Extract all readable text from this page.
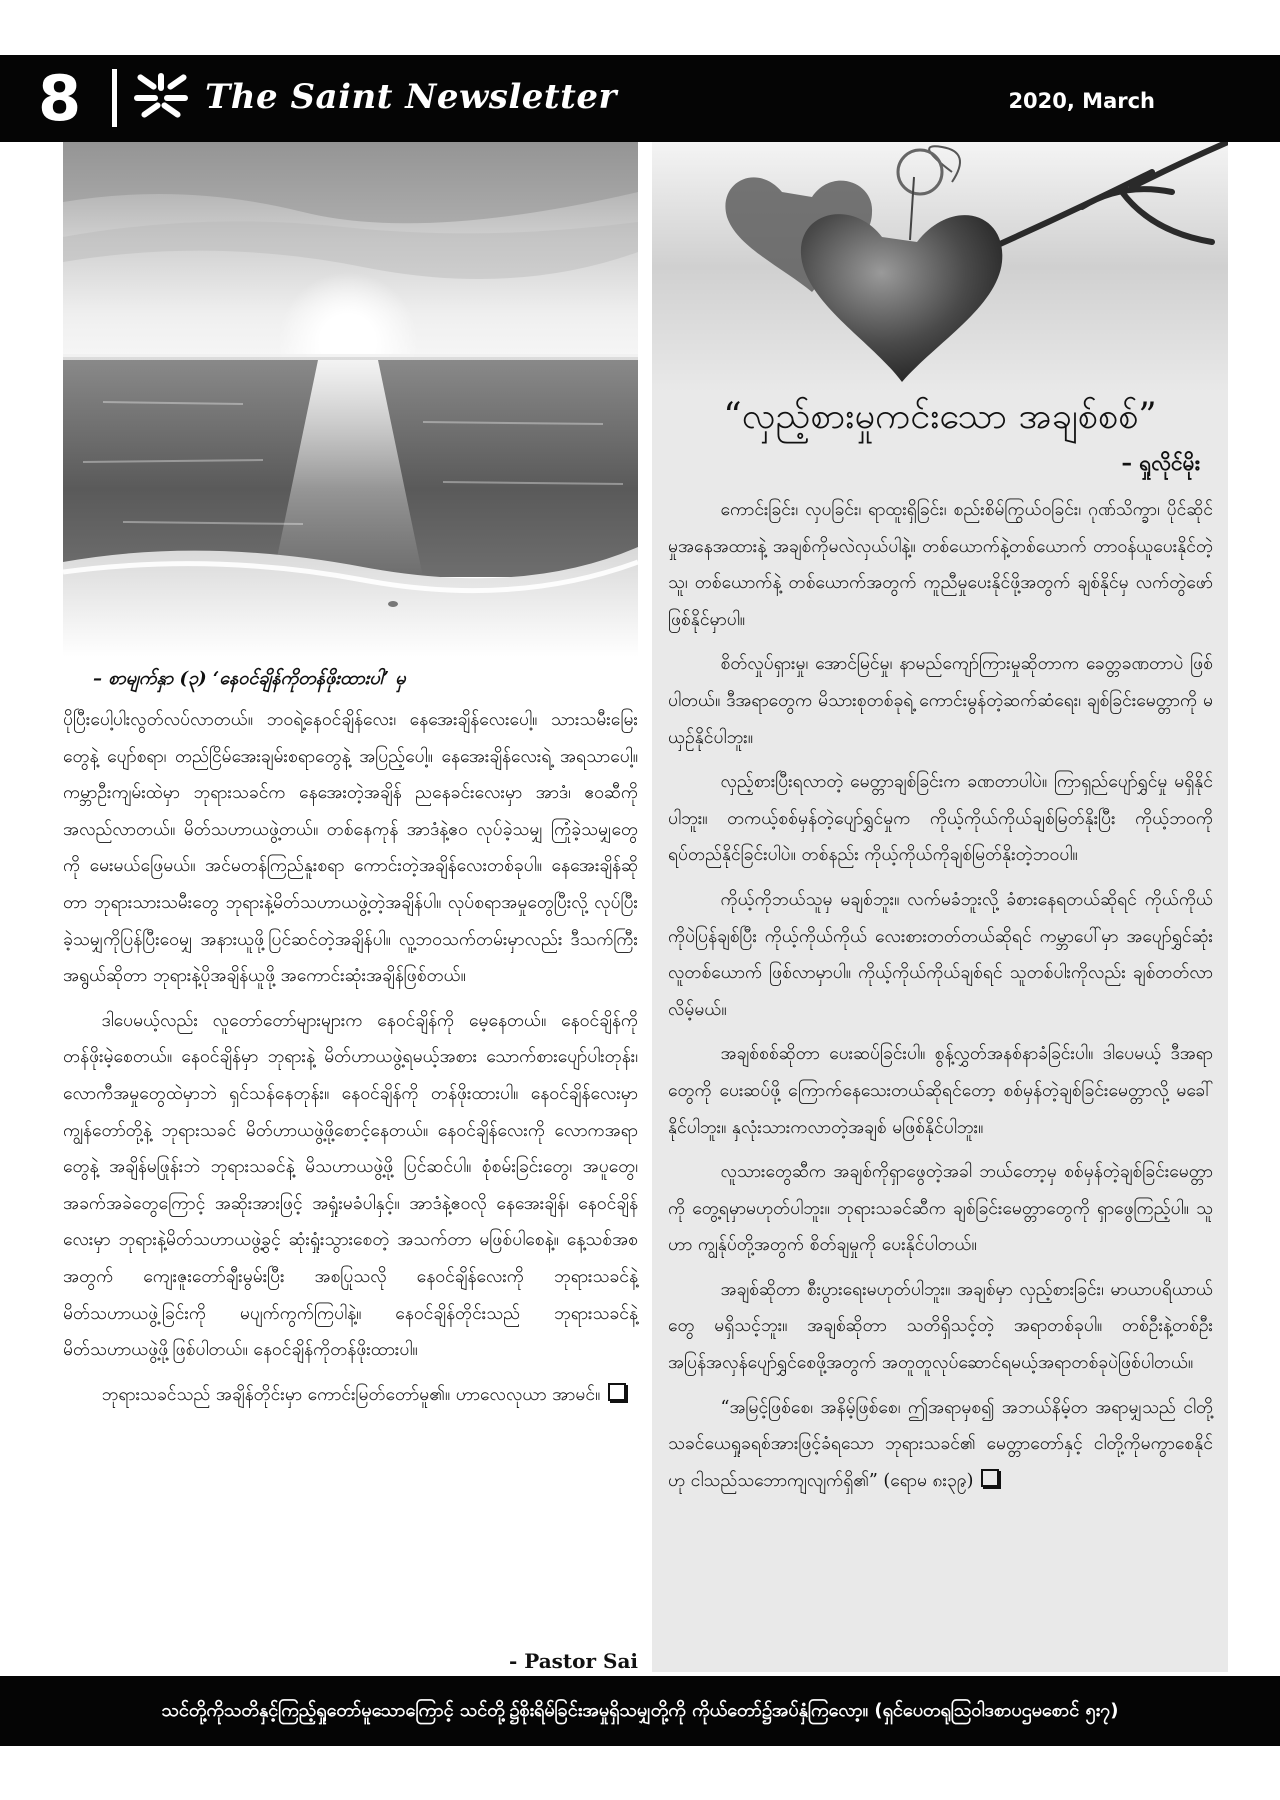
8	The Saint Newsletter	2020, March
– စာမျက်နှာ (၃) ‘နေဝင်ချိန်ကိုတန်ဖိုးထားပါ’ မှ

ပိုပြီးပေါ့ပါးလွတ်လပ်လာတယ်။ ဘဝရဲ့နေဝင်ချိန်လေး၊ နေအေးချိန်လေးပေါ့။ သားသမီးမြေးတွေနဲ့ ပျော်စရာ၊ တည်ငြိမ်အေးချမ်းစရာတွေနဲ့ အပြည့်ပေါ့။ နေအေးချိန်လေးရဲ့ အရသာပေါ့။ ကမ္ဘာဦးကျမ်းထဲမှာ ဘုရားသခင်က နေအေးတဲ့အချိန် ညနေခင်းလေးမှာ အာဒံ၊ ဧဝဆီကို အလည်လာတယ်။ မိတ်သဟာယဖွဲ့တယ်။ တစ်နေကုန် အာဒံနဲ့ဧဝ လုပ်ခဲ့သမျှ ကြုံခဲ့သမျှတွေကို မေးမယ်ဖြေမယ်။ အင်မတန်ကြည်နူးစရာ ကောင်းတဲ့အချိန်လေးတစ်ခုပါ။ နေအေးချိန်ဆိုတာ ဘုရားသားသမီးတွေ ဘုရားနဲ့မိတ်သဟာယဖွဲ့တဲ့အချိန်ပါ။ လုပ်စရာအမှုတွေပြီးလို့ လုပ်ပြီးခဲ့သမျှကိုပြန်ပြီးဝေမျှ အနားယူဖို့ပြင်ဆင်တဲ့အချိန်ပါ။ လူ့ဘဝသက်တမ်းမှာလည်း ဒီသက်ကြီးအရွယ်ဆိုတာ ဘုရားနဲ့ပိုအချိန်ယူဖို့ အကောင်းဆုံးအချိန်ဖြစ်တယ်။

ဒါပေမယ့်လည်း လူတော်တော်များများက နေဝင်ချိန်ကို မေ့နေတယ်။ နေဝင်ချိန်ကို တန်ဖိုးမဲ့စေတယ်။ နေဝင်ချိန်မှာ ဘုရားနဲ့ မိတ်ဟာယဖွဲ့ရမယ့်အစား သောက်စားပျော်ပါးတုန်း၊ လောကီအမှုတွေထဲမှာဘဲ ရှင်သန်နေတုန်း။ နေဝင်ချိန်ကို တန်ဖိုးထားပါ။ နေဝင်ချိန်လေးမှာ ကျွန်တော်တို့နဲ့ ဘုရားသခင် မိတ်ဟာယဖွဲ့ဖို့စောင့်နေတယ်။ နေဝင်ချိန်လေးကို လောကအရာတွေနဲ့ အချိန်မဖြုန်းဘဲ ဘုရားသခင်နဲ့ မိသဟာယဖွဲ့ဖို့ ပြင်ဆင်ပါ။ စုံစမ်းခြင်းတွေ၊ အပူတွေ၊ အခက်အခဲတွေကြောင့် အဆိုးအားဖြင့် အရှုံးမခံပါနှင့်။ အာဒံနဲ့ဧဝလို နေအေးချိန်၊ နေဝင်ချိန်လေးမှာ ဘုရားနဲ့မိတ်သဟာယဖွဲ့ခွင့် ဆုံးရှုံးသွားစေတဲ့ အသက်တာ မဖြစ်ပါစေနဲ့။ နေ့သစ်အစအတွက် ကျေးဇူးတော်ချီးမွမ်းပြီး အစပြုသလို နေဝင်ချိန်လေးကို ဘုရားသခင်နဲ့ မိတ်သဟာယဖွဲ့ခြင်းကို မပျက်ကွက်ကြပါနဲ့။ နေဝင်ချိန်တိုင်းသည် ဘုရားသခင်နဲ့ မိတ်သဟာယဖွဲ့ဖို့ဖြစ်ပါတယ်။ နေဝင်ချိန်ကိုတန်ဖိုးထားပါ။

ဘုရားသခင်သည် အချိန်တိုင်းမှာ ကောင်းမြတ်တော်မူ၏။ ဟာလေလုယာ အာမင်။

- Pastor Sai
“လှည့်စားမှုကင်းသော အချစ်စစ်”
– ရှုလိုင်မိုး

ကောင်းခြင်း၊ လှပခြင်း၊ ရာထူးရှိခြင်း၊ စည်းစိမ်ကြွယ်ဝခြင်း၊ ဂုဏ်သိက္ခာ၊ ပိုင်ဆိုင်မှုအနေအထားနဲ့ အချစ်ကိုမလဲလှယ်ပါနဲ့။ တစ်ယောက်နဲ့တစ်ယောက် တာဝန်ယူပေးနိုင်တဲ့သူ၊ တစ်ယောက်နဲ့ တစ်ယောက်အတွက် ကူညီမှုပေးနိုင်ဖို့အတွက် ချစ်နိုင်မှ လက်တွဲဖော်ဖြစ်နိုင်မှာပါ။

စိတ်လှုပ်ရှားမှု၊ အောင်မြင်မှု၊ နာမည်ကျော်ကြားမှုဆိုတာက ခေတ္တခဏတာပဲ ဖြစ်ပါတယ်။ ဒီအရာတွေက မိသားစုတစ်ခုရဲ့ ကောင်းမွန်တဲ့ဆက်ဆံရေး၊ ချစ်ခြင်းမေတ္တာကို မယှဉ်နိုင်ပါဘူး။

လှည့်စားပြီးရလာတဲ့ မေတ္တာချစ်ခြင်းက ခဏတာပါပဲ။ ကြာရှည်ပျော်ရွှင်မှု မရှိနိုင်ပါဘူး။ တကယ့်စစ်မှန်တဲ့ပျော်ရွှင်မှုက ကိုယ့်ကိုယ်ကိုယ်ချစ်မြတ်နိုးပြီး ကိုယ့်ဘဝကို ရပ်တည်နိုင်ခြင်းပါပဲ။ တစ်နည်း ကိုယ့်ကိုယ်ကိုချစ်မြတ်နိုးတဲ့ဘဝပါ။

ကိုယ့်ကိုဘယ်သူမှ မချစ်ဘူး။ လက်မခံဘူးလို့ ခံစားနေရတယ်ဆိုရင် ကိုယ်ကိုယ်ကိုပဲပြန်ချစ်ပြီး ကိုယ့်ကိုယ်ကိုယ် လေးစားတတ်တယ်ဆိုရင် ကမ္ဘာပေါ်မှာ အပျော်ရွှင်ဆုံးလူတစ်ယောက် ဖြစ်လာမှာပါ။ ကိုယ့်ကိုယ်ကိုယ်ချစ်ရင် သူတစ်ပါးကိုလည်း ချစ်တတ်လာလိမ့်မယ်။

အချစ်စစ်ဆိုတာ ပေးဆပ်ခြင်းပါ။ စွန့်လွှတ်အနစ်နာခံခြင်းပါ။ ဒါပေမယ့် ဒီအရာတွေကို ပေးဆပ်ဖို့ ကြောက်နေသေးတယ်ဆိုရင်တော့ စစ်မှန်တဲ့ချစ်ခြင်းမေတ္တာလို့ မခေါ်နိုင်ပါဘူး။ နှလုံးသားကလာတဲ့အချစ် မဖြစ်နိုင်ပါဘူး။

လူသားတွေဆီက အချစ်ကိုရှာဖွေတဲ့အခါ ဘယ်တော့မှ စစ်မှန်တဲ့ချစ်ခြင်းမေတ္တာကို တွေ့ရမှာမဟုတ်ပါဘူး။ ဘုရားသခင်ဆီက ချစ်ခြင်းမေတ္တာတွေကို ရှာဖွေကြည့်ပါ။ သူဟာ ကျွန်ုပ်တို့အတွက် စိတ်ချမှုကို ပေးနိုင်ပါတယ်။

အချစ်ဆိုတာ စီးပွားရေးမဟုတ်ပါဘူး။ အချစ်မှာ လှည့်စားခြင်း၊ မာယာပရိယာယ်တွေ မရှိသင့်ဘူး။ အချစ်ဆိုတာ သတိရှိသင့်တဲ့ အရာတစ်ခုပါ။ တစ်ဦးနဲ့တစ်ဦး အပြန်အလှန်ပျော်ရွှင်စေဖို့အတွက် အတူတူလုပ်ဆောင်ရမယ့်အရာတစ်ခုပဲဖြစ်ပါတယ်။

“အမြင့်ဖြစ်စေ၊ အနိမ့်ဖြစ်စေ၊ ဤအရာမှစ၍ အဘယ်နိမ့်တ အရာမျှသည် ငါတို့သခင်ယေရှုခရစ်အားဖြင့်ခံရသော ဘုရားသခင်၏ မေတ္တာတော်နှင့် ငါတို့ကိုမကွာစေနိုင်ဟု ငါသည်သဘောကျလျက်ရှိ၏” (ရောမ ၈း၃၉)

သင်တို့ကိုသတိနှင့်ကြည့်ရှုတော်မူသောကြောင့် သင်တို့၌စိုးရိမ်ခြင်းအမှုရှိသမျှတို့ကို ကိုယ်တော်၌အပ်နှံကြလော့။ (ရှင်ပေတရုဩဝါဒစာပဌမစောင် ၅း၇)
